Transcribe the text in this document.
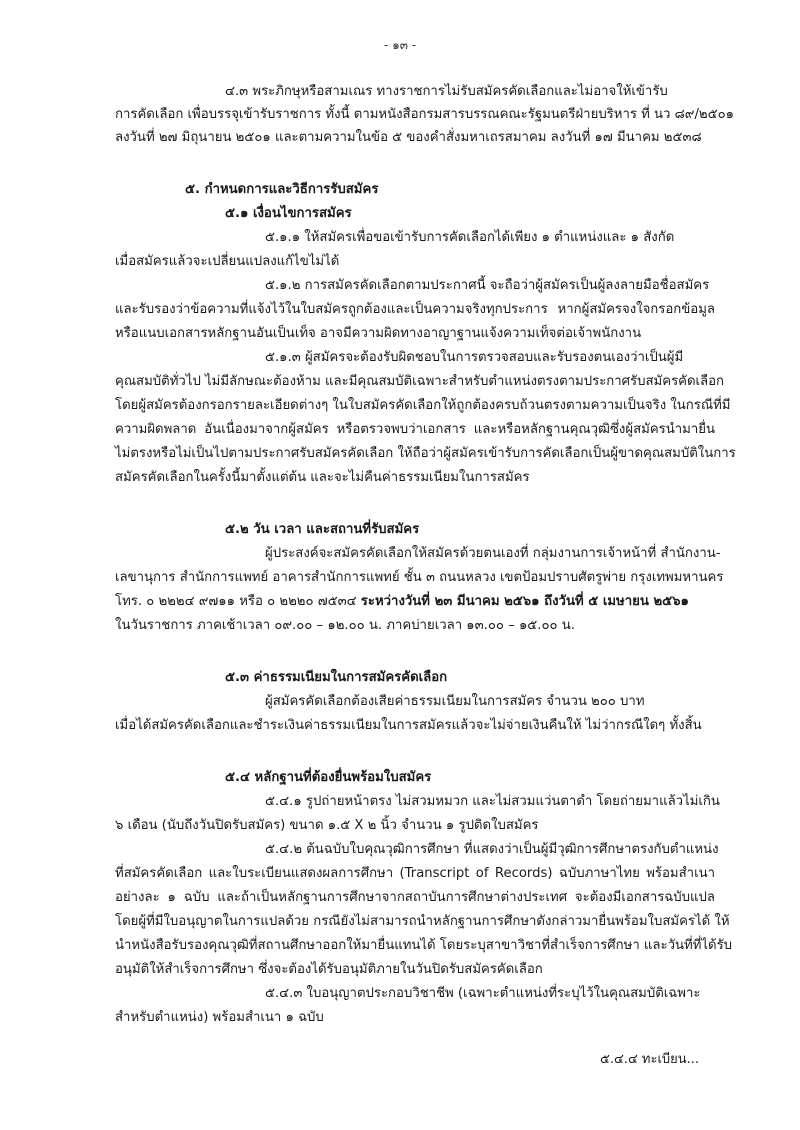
- ๑๓ -
๔.๓ พระภิกษุหรือสามเณร ทางราชการไม่รับสมัครคัดเลือกและไม่อาจให้เข้ารับ
การคัดเลือก เพื่อบรรจุเข้ารับราชการ ทั้งนี้ ตามหนังสือกรมสารบรรณคณะรัฐมนตรีฝ่ายบริหาร ที่ นว ๘๙/๒๕๐๑
ลงวันที่ ๒๗ มิถุนายน ๒๕๐๑ และตามความในข้อ ๕ ของคำสั่งมหาเถรสมาคม ลงวันที่ ๑๗ มีนาคม ๒๕๓๘
๕. กำหนดการและวิธีการรับสมัคร
๕.๑ เงื่อนไขการสมัคร
๕.๑.๑ ให้สมัครเพื่อขอเข้ารับการคัดเลือกได้เพียง ๑ ตำแหน่งและ ๑ สังกัด
เมื่อสมัครแล้วจะเปลี่ยนแปลงแก้ไขไม่ได้
๕.๑.๒ การสมัครคัดเลือกตามประกาศนี้ จะถือว่าผู้สมัครเป็นผู้ลงลายมือชื่อสมัคร
และรับรองว่าข้อความที่แจ้งไว้ในใบสมัครถูกต้องและเป็นความจริงทุกประการ หากผู้สมัครจงใจกรอกข้อมูล
หรือแนบเอกสารหลักฐานอันเป็นเท็จ อาจมีความผิดทางอาญาฐานแจ้งความเท็จต่อเจ้าพนักงาน
๕.๑.๓ ผู้สมัครจะต้องรับผิดชอบในการตรวจสอบและรับรองตนเองว่าเป็นผู้มี
คุณสมบัติทั่วไป ไม่มีลักษณะต้องห้าม และมีคุณสมบัติเฉพาะสำหรับตำแหน่งตรงตามประกาศรับสมัครคัดเลือก
โดยผู้สมัครต้องกรอกรายละเอียดต่างๆ ในใบสมัครคัดเลือกให้ถูกต้องครบถ้วนตรงตามความเป็นจริง ในกรณีที่มี
ความผิดพลาด อันเนื่องมาจากผู้สมัคร หรือตรวจพบว่าเอกสาร และหรือหลักฐานคุณวุฒิซึ่งผู้สมัครนำมายื่น
ไม่ตรงหรือไม่เป็นไปตามประกาศรับสมัครคัดเลือก ให้ถือว่าผู้สมัครเข้ารับการคัดเลือกเป็นผู้ขาดคุณสมบัติในการ
สมัครคัดเลือกในครั้งนี้มาตั้งแต่ต้น และจะไม่คืนค่าธรรมเนียมในการสมัคร
๕.๒ วัน เวลา และสถานที่รับสมัคร
ผู้ประสงค์จะสมัครคัดเลือกให้สมัครด้วยตนเองที่ กลุ่มงานการเจ้าหน้าที่ สำนักงาน-
เลขานุการ สำนักการแพทย์ อาคารสำนักการแพทย์ ชั้น ๓ ถนนหลวง เขตป้อมปราบศัตรูพ่าย กรุงเทพมหานคร
โทร. ๐ ๒๒๒๔ ๙๗๑๑ หรือ ๐ ๒๒๒๐ ๗๕๓๔ ระหว่างวันที่ ๒๓ มีนาคม ๒๕๖๑ ถึงวันที่ ๕ เมษายน ๒๕๖๑
ในวันราชการ ภาคเช้าเวลา ๐๙.๐๐ – ๑๒.๐๐ น. ภาคบ่ายเวลา ๑๓.๐๐ – ๑๕.๐๐ น.
๕.๓ ค่าธรรมเนียมในการสมัครคัดเลือก
ผู้สมัครคัดเลือกต้องเสียค่าธรรมเนียมในการสมัคร จำนวน ๒๐๐ บาท
เมื่อได้สมัครคัดเลือกและชำระเงินค่าธรรมเนียมในการสมัครแล้วจะไม่จ่ายเงินคืนให้ ไม่ว่ากรณีใดๆ ทั้งสิ้น
๕.๔ หลักฐานที่ต้องยื่นพร้อมใบสมัคร
๕.๔.๑ รูปถ่ายหน้าตรง ไม่สวมหมวก และไม่สวมแว่นตาดำ โดยถ่ายมาแล้วไม่เกิน
๖ เดือน (นับถึงวันปิดรับสมัคร) ขนาด ๑.๕ X ๒ นิ้ว จำนวน ๑ รูปติดใบสมัคร
๕.๔.๒ ต้นฉบับใบคุณวุฒิการศึกษา ที่แสดงว่าเป็นผู้มีวุฒิการศึกษาตรงกับตำแหน่ง
ที่สมัครคัดเลือก และใบระเบียนแสดงผลการศึกษา (Transcript of Records) ฉบับภาษาไทย พร้อมสำเนา
อย่างละ ๑ ฉบับ และถ้าเป็นหลักฐานการศึกษาจากสถาบันการศึกษาต่างประเทศ จะต้องมีเอกสารฉบับแปล
โดยผู้ที่มีใบอนุญาตในการแปลด้วย กรณียังไม่สามารถนำหลักฐานการศึกษาดังกล่าวมายื่นพร้อมใบสมัครได้ ให้
นำหนังสือรับรองคุณวุฒิที่สถานศึกษาออกให้มายื่นแทนได้ โดยระบุสาขาวิชาที่สำเร็จการศึกษา และวันที่ที่ได้รับ
อนุมัติให้สำเร็จการศึกษา ซึ่งจะต้องได้รับอนุมัติภายในวันปิดรับสมัครคัดเลือก
๕.๔.๓ ใบอนุญาตประกอบวิชาชีพ (เฉพาะตำแหน่งที่ระบุไว้ในคุณสมบัติเฉพาะ
สำหรับตำแหน่ง) พร้อมสำเนา ๑ ฉบับ
๕.๔.๔ ทะเบียน...
